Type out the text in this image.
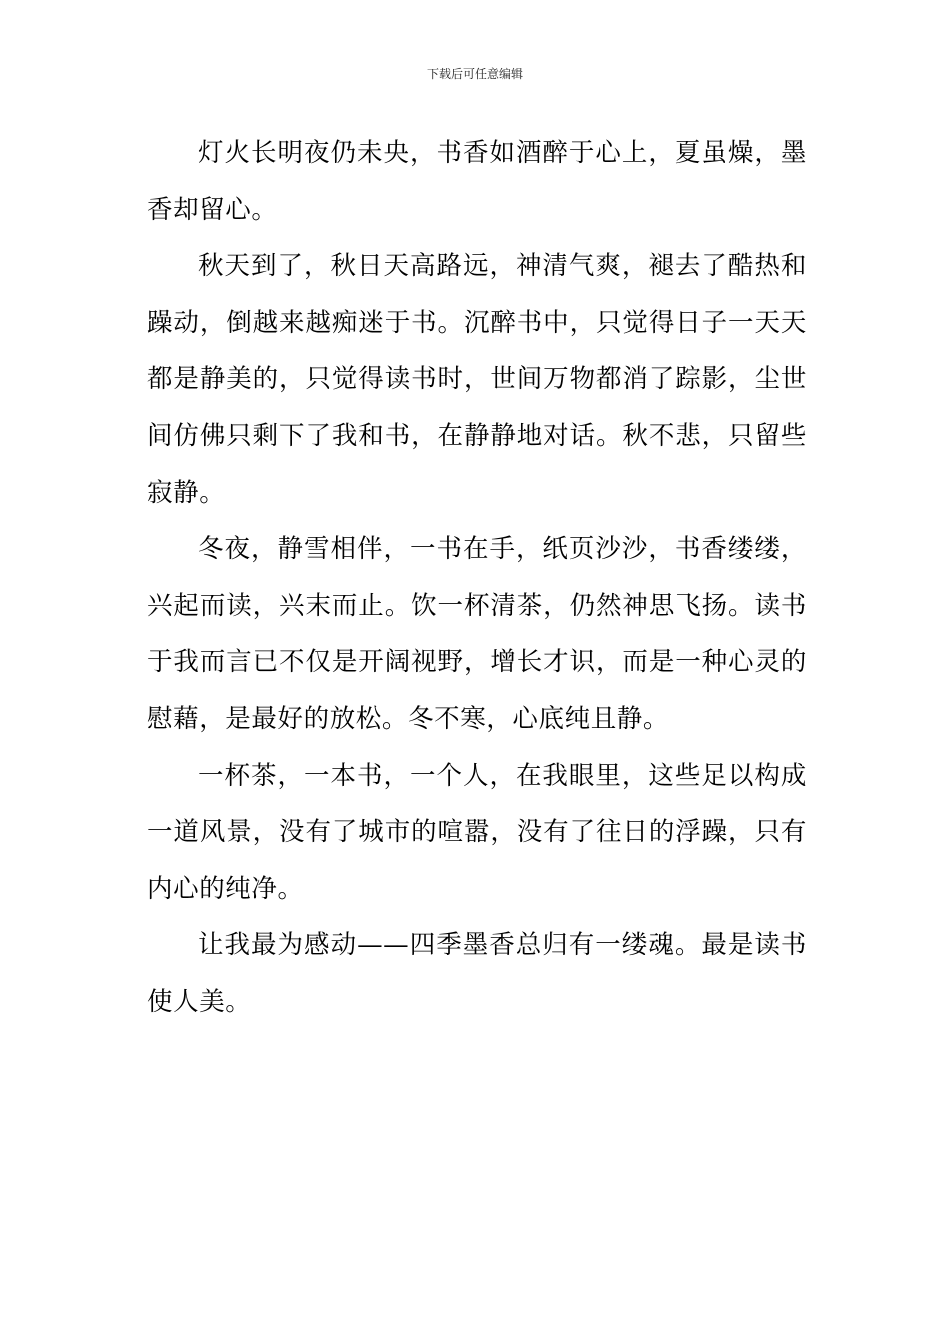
下载后可任意编辑

灯火长明夜仍未央，书香如酒醉于心上，夏虽燥，墨香却留心。

秋天到了，秋日天高路远，神清气爽，褪去了酷热和躁动，倒越来越痴迷于书。沉醉书中，只觉得日子一天天都是静美的，只觉得读书时，世间万物都消了踪影，尘世间仿佛只剩下了我和书，在静静地对话。秋不悲，只留些寂静。

冬夜，静雪相伴，一书在手，纸页沙沙，书香缕缕，兴起而读，兴末而止。饮一杯清茶，仍然神思飞扬。读书于我而言已不仅是开阔视野，增长才识，而是一种心灵的慰藉，是最好的放松。冬不寒，心底纯且静。

一杯茶，一本书，一个人，在我眼里，这些足以构成一道风景，没有了城市的喧嚣，没有了往日的浮躁，只有内心的纯净。

让我最为感动——四季墨香总归有一缕魂。最是读书使人美。
